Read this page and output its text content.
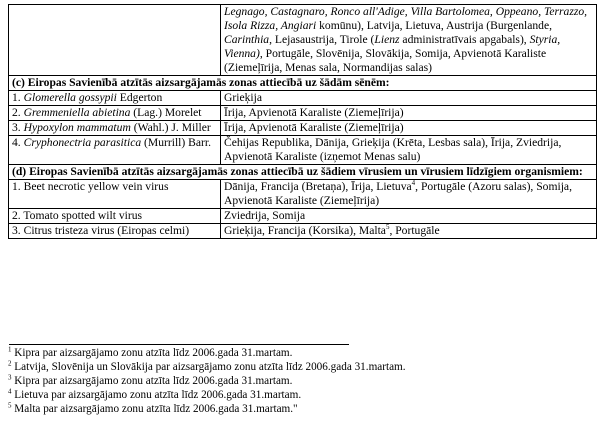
	Legnago, Castagnaro, Ronco all'Adige, Villa Bartolomea, Oppeano, Terrazzo, Isola Rizza, Angiari komūnu), Latvija, Lietuva, Austrija (Burgenlande, Carinthia, Lejasaustrija, Tirole (Lienz administratīvais apgabals), Styria, Vienna), Portugāle, Slovēnija, Slovākija, Somija, Apvienotā Karaliste (Ziemeļīrija, Menas sala, Normandijas salas)
(c) Eiropas Savienībā atzītās aizsargājamās zonas attiecībā uz šādām sēnēm:	
1. Glomerella gossypii Edgerton	Grieķija
2. Gremmeniella abietina (Lag.) Morelet	Īrija, Apvienotā Karaliste (Ziemeļīrija)
3. Hypoxylon mammatum (Wahl.) J. Miller	Īrija, Apvienotā Karaliste (Ziemeļīrija)
4. Cryphonectria parasitica (Murrill) Barr.	Čehijas Republika, Dānija, Grieķija (Krēta, Lesbas sala), Īrija, Zviedrija, Apvienotā Karaliste (izņemot Menas salu)
(d) Eiropas Savienībā atzītās aizsargājamās zonas attiecībā uz šādiem vīrusiem un vīrusiem līdzīgiem organismiem:	
1. Beet necrotic yellow vein virus	Dānija, Francija (Bretaņa), Īrija, Lietuva$^4$, Portugāle (Azoru salas), Somija, Apvienotā Karaliste (Ziemeļīrija)
2. Tomato spotted wilt virus	Zviedrija, Somija
3. Citrus tristeza virus (Eiropas celmi)	Grieķija, Francija (Korsika), Malta$^5$, Portugāle
$^1$ Kipra par aizsargājamo zonu atzīta līdz 2006.gada 31.martam.
$^2$ Latvija, Slovēnija un Slovākija par aizsargājamo zonu atzīta līdz 2006.gada 31.martam.
$^3$ Kipra par aizsargājamo zonu atzīta līdz 2006.gada 31.martam.
$^4$ Lietuva par aizsargājamo zonu atzīta līdz 2006.gada 31.martam.
$^5$ Malta par aizsargājamo zonu atzīta līdz 2006.gada 31.martam."
